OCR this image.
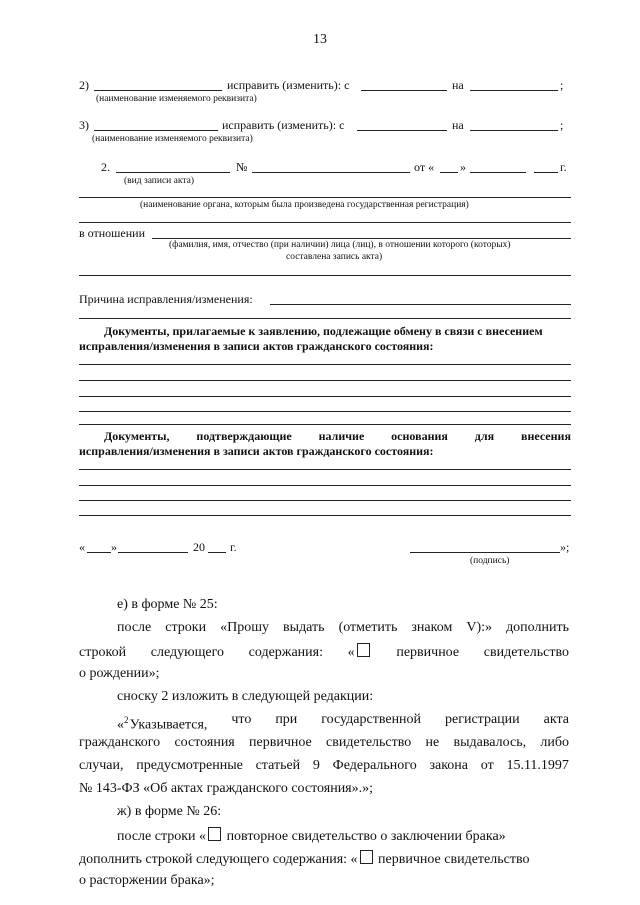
13
2)	исправить (изменить): с	на	;
(наименование изменяемого реквизита)
3)	исправить (изменить): с	на	;
(наименование изменяемого реквизита)
2.	№	от « »	г.
(вид записи акта)
(наименование органа, которым была произведена государственная регистрация)
в отношении
(фамилия, имя, отчество (при наличии) лица (лиц), в отношении которого (которых)
составлена запись акта)
Причина исправления/изменения:
Документы, прилагаемые к заявлению, подлежащие обмену в связи с внесением
исправления/изменения в записи актов гражданского состояния:
Документы, подтверждающие наличие основания для внесения
исправления/изменения в записи актов гражданского состояния:
« »	20 г.	»;
(подпись)
е) в форме № 25:
после строки «Прошу выдать (отметить знаком V):» дополнить
строкой следующего содержания: «	первичное свидетельство
о рождении»;
сноску 2 изложить в следующей редакции:
«$^2$ Указывается, что при государственной регистрации акта
гражданского состояния первичное свидетельство не выдавалось, либо
случаи, предусмотренные статьей 9 Федерального закона от 15.11.1997
№ 143-ФЗ «Об актах гражданского состояния».»;
ж) в форме № 26:
после строки « повторное свидетельство о заключении брака»
дополнить строкой следующего содержания: « первичное свидетельство
о расторжении брака»;
